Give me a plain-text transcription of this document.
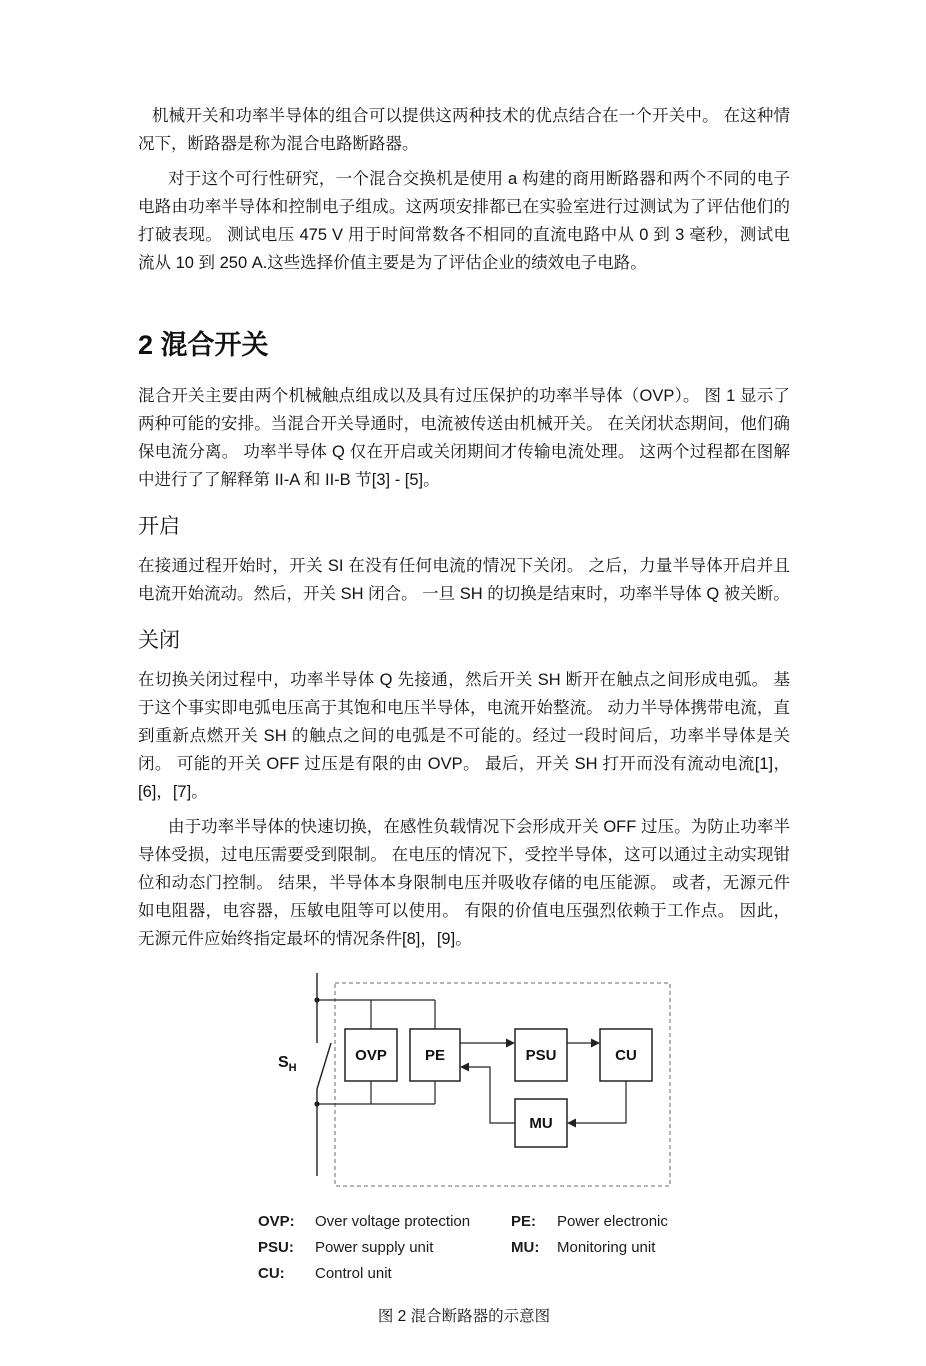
机械开关和功率半导体的组合可以提供这两种技术的优点结合在一个开关中。 在这种情况下，断路器是称为混合电路断路器。

对于这个可行性研究，一个混合交换机是使用 a 构建的商用断路器和两个不同的电子电路由功率半导体和控制电子组成。这两项安排都已在实验室进行过测试为了评估他们的打破表现。 测试电压 475 V 用于时间常数各不相同的直流电路中从 0 到 3 毫秒，测试电流从 10 到 250 A.这些选择价值主要是为了评估企业的绩效电子电路。

2 混合开关

混合开关主要由两个机械触点组成以及具有过压保护的功率半导体（OVP）。 图 1 显示了两种可能的安排。当混合开关导通时，电流被传送由机械开关。 在关闭状态期间，他们确保电流分离。 功率半导体 Q 仅在开启或关闭期间才传输电流处理。 这两个过程都在图解中进行了了解释第 II-A 和 II-B 节[3] - [5]。

开启

在接通过程开始时，开关 SI 在没有任何电流的情况下关闭。 之后，力量半导体开启并且电流开始流动。然后，开关 SH 闭合。 一旦 SH 的切换是结束时，功率半导体 Q 被关断。

关闭

在切换关闭过程中，功率半导体 Q 先接通，然后开关 SH 断开在触点之间形成电弧。 基于这个事实即电弧电压高于其饱和电压半导体，电流开始整流。 动力半导体携带电流，直到重新点燃开关 SH 的触点之间的电弧是不可能的。经过一段时间后，功率半导体是关闭。 可能的开关 OFF 过压是有限的由 OVP。 最后，开关 SH 打开而没有流动电流[1]，[6]，[7]。

由于功率半导体的快速切换，在感性负载情况下会形成开关 OFF 过压。为防止功率半导体受损，过电压需要受到限制。 在电压的情况下，受控半导体，这可以通过主动实现钳位和动态门控制。 结果，半导体本身限制电压并吸收存储的电压能源。 或者，无源元件如电阻器，电容器，压敏电阻等可以使用。 有限的价值电压强烈依赖于工作点。 因此，无源元件应始终指定最坏的情况条件[8]，[9]。

$S_H$
OVP	PE	PSU	CU
MU
OVP:	Over voltage protection	PE:	Power electronic
PSU:	Power supply unit	MU:	Monitoring unit
CU:	Control unit
图 2 混合断路器的示意图
